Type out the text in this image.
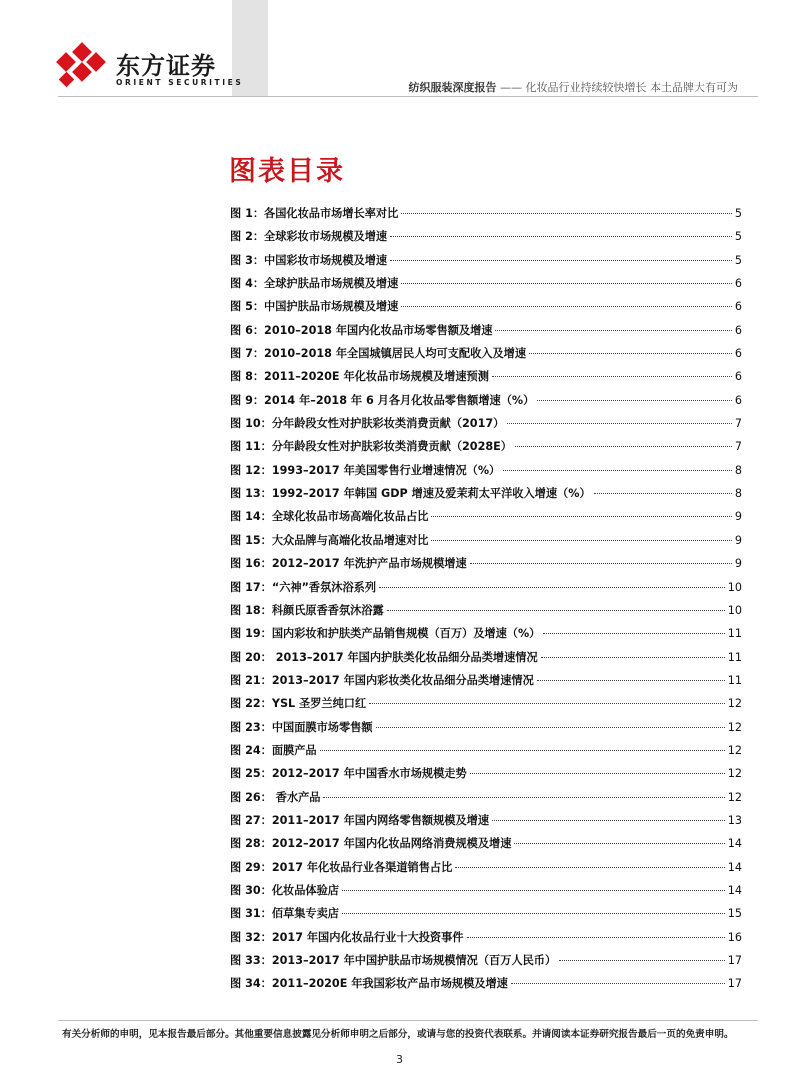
东方证券
ORIENT SECURITIES	纺织服装深度报告 —— 化妆品行业持续较快增长 本土品牌大有可为
图表目录
图 1：各国化妆品市场增长率对比	5
图 2：全球彩妆市场规模及增速	5
图 3：中国彩妆市场规模及增速	5
图 4：全球护肤品市场规模及增速	6
图 5：中国护肤品市场规模及增速	6
图 6：2010–2018 年国内化妆品市场零售额及增速	6
图 7：2010–2018 年全国城镇居民人均可支配收入及增速	6
图 8：2011–2020E 年化妆品市场规模及增速预测	6
图 9：2014 年–2018 年 6 月各月化妆品零售额增速（%）	6
图 10：分年龄段女性对护肤彩妆类消费贡献（2017）	7
图 11：分年龄段女性对护肤彩妆类消费贡献（2028E）	7
图 12：1993–2017 年美国零售行业增速情况（%）	8
图 13：1992–2017 年韩国 GDP 增速及爱茉莉太平洋收入增速（%）	8
图 14：全球化妆品市场高端化妆品占比	9
图 15：大众品牌与高端化妆品增速对比	9
图 16：2012–2017 年洗护产品市场规模增速	9
图 17：“六神”香氛沐浴系列	10
图 18：科颜氏原香香氛沐浴露	10
图 19：国内彩妆和护肤类产品销售规模（百万）及增速（%）	11
图 20： 2013–2017 年国内护肤类化妆品细分品类增速情况	11
图 21：2013–2017 年国内彩妆类化妆品细分品类增速情况	11
图 22：YSL 圣罗兰纯口红	12
图 23：中国面膜市场零售额	12
图 24：面膜产品	12
图 25：2012–2017 年中国香水市场规模走势	12
图 26： 香水产品	12
图 27：2011–2017 年国内网络零售额规模及增速	13
图 28：2012–2017 年国内化妆品网络消费规模及增速	14
图 29：2017 年化妆品行业各渠道销售占比	14
图 30：化妆品体验店	14
图 31：佰草集专卖店	15
图 32：2017 年国内化妆品行业十大投资事件	16
图 33：2013–2017 年中国护肤品市场规模情况（百万人民币）	17
图 34：2011–2020E 年我国彩妆产品市场规模及增速	17
有关分析师的申明，见本报告最后部分。其他重要信息披露见分析师申明之后部分，或请与您的投资代表联系。并请阅读本证券研究报告最后一页的免责申明。
3
